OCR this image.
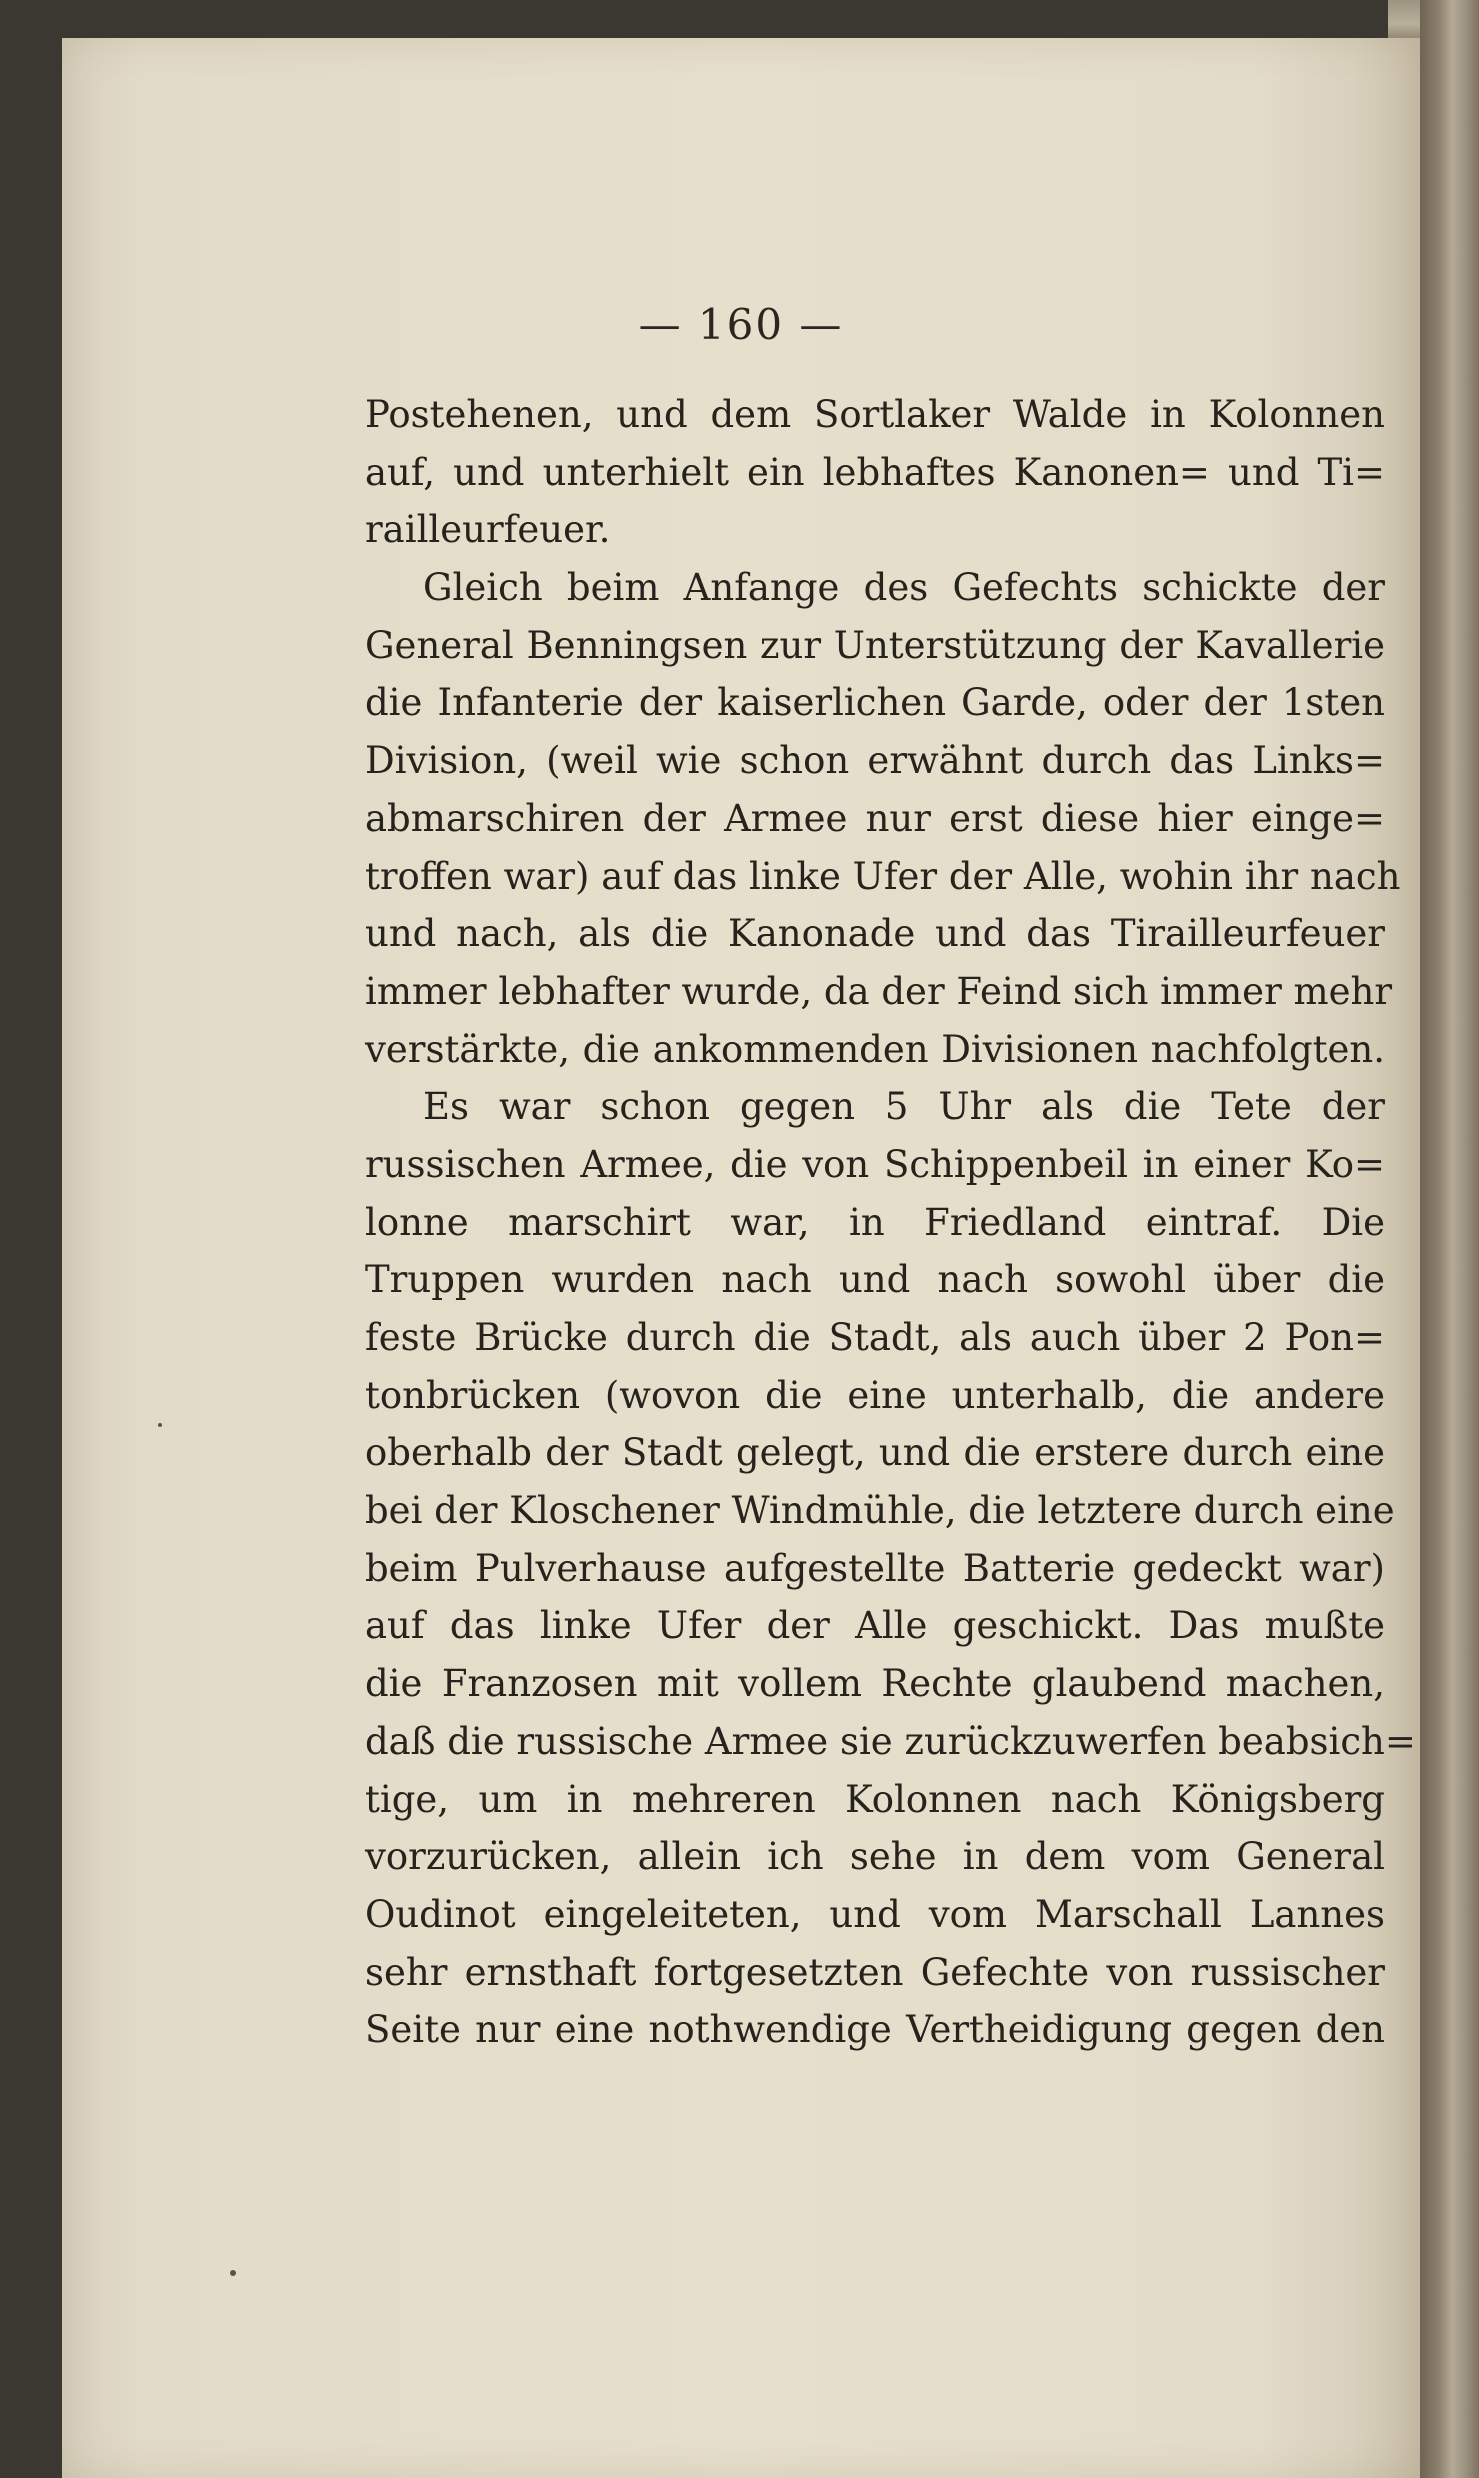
— 160 —
Postehenen, und dem Sortlaker Walde in Kolonnen
auf, und unterhielt ein lebhaftes Kanonen= und Ti=
railleurfeuer.
Gleich beim Anfange des Gefechts schickte der
General Benningsen zur Unterstützung der Kavallerie
die Infanterie der kaiserlichen Garde, oder der 1sten
Division, (weil wie schon erwähnt durch das Links=
abmarschiren der Armee nur erst diese hier einge=
troffen war) auf das linke Ufer der Alle, wohin ihr nach
und nach, als die Kanonade und das Tirailleurfeuer
immer lebhafter wurde, da der Feind sich immer mehr
verstärkte, die ankommenden Divisionen nachfolgten.
Es war schon gegen 5 Uhr als die Tete der
russischen Armee, die von Schippenbeil in einer Ko=
lonne marschirt war, in Friedland eintraf. Die
Truppen wurden nach und nach sowohl über die
feste Brücke durch die Stadt, als auch über 2 Pon=
tonbrücken (wovon die eine unterhalb, die andere
oberhalb der Stadt gelegt, und die erstere durch eine
bei der Kloschener Windmühle, die letztere durch eine
beim Pulverhause aufgestellte Batterie gedeckt war)
auf das linke Ufer der Alle geschickt. Das mußte
die Franzosen mit vollem Rechte glaubend machen,
daß die russische Armee sie zurückzuwerfen beabsich=
tige, um in mehreren Kolonnen nach Königsberg
vorzurücken, allein ich sehe in dem vom General
Oudinot eingeleiteten, und vom Marschall Lannes
sehr ernsthaft fortgesetzten Gefechte von russischer
Seite nur eine nothwendige Vertheidigung gegen den
